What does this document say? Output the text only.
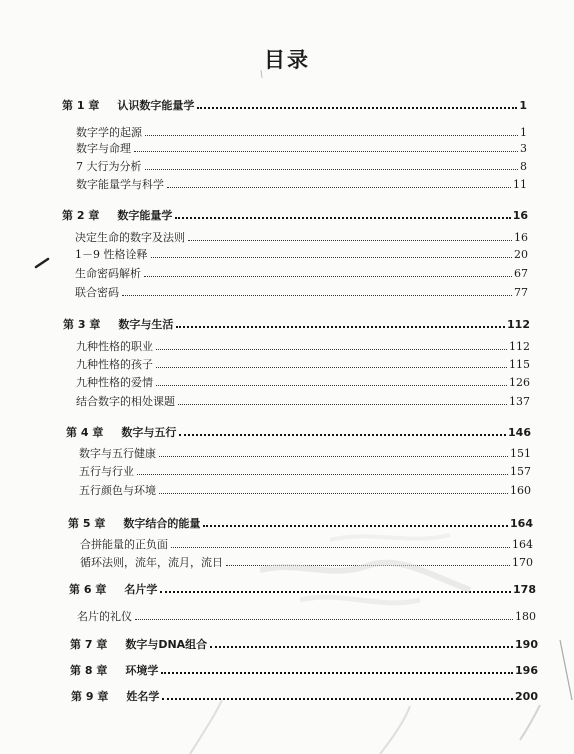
目录
第 1 章 认识数字能量学	1
数字学的起源	1
数字与命理	3
7 大行为分析	8
数字能量学与科学	11
第 2 章 数字能量学	16
决定生命的数字及法则	16
1－9 性格诠释	20
生命密码解析	67
联合密码	77
第 3 章 数字与生活	112
九种性格的职业	112
九种性格的孩子	115
九种性格的爱情	126
结合数字的相处课题	137
第 4 章 数字与五行	146
数字与五行健康	151
五行与行业	157
五行颜色与环境	160
第 5 章 数字结合的能量	164
合拼能量的正负面	164
循环法则，流年，流月，流日	170
第 6 章 名片学	178
名片的礼仪	180
第 7 章 数字与DNA组合	190
第 8 章 环境学	196
第 9 章 姓名学	200
